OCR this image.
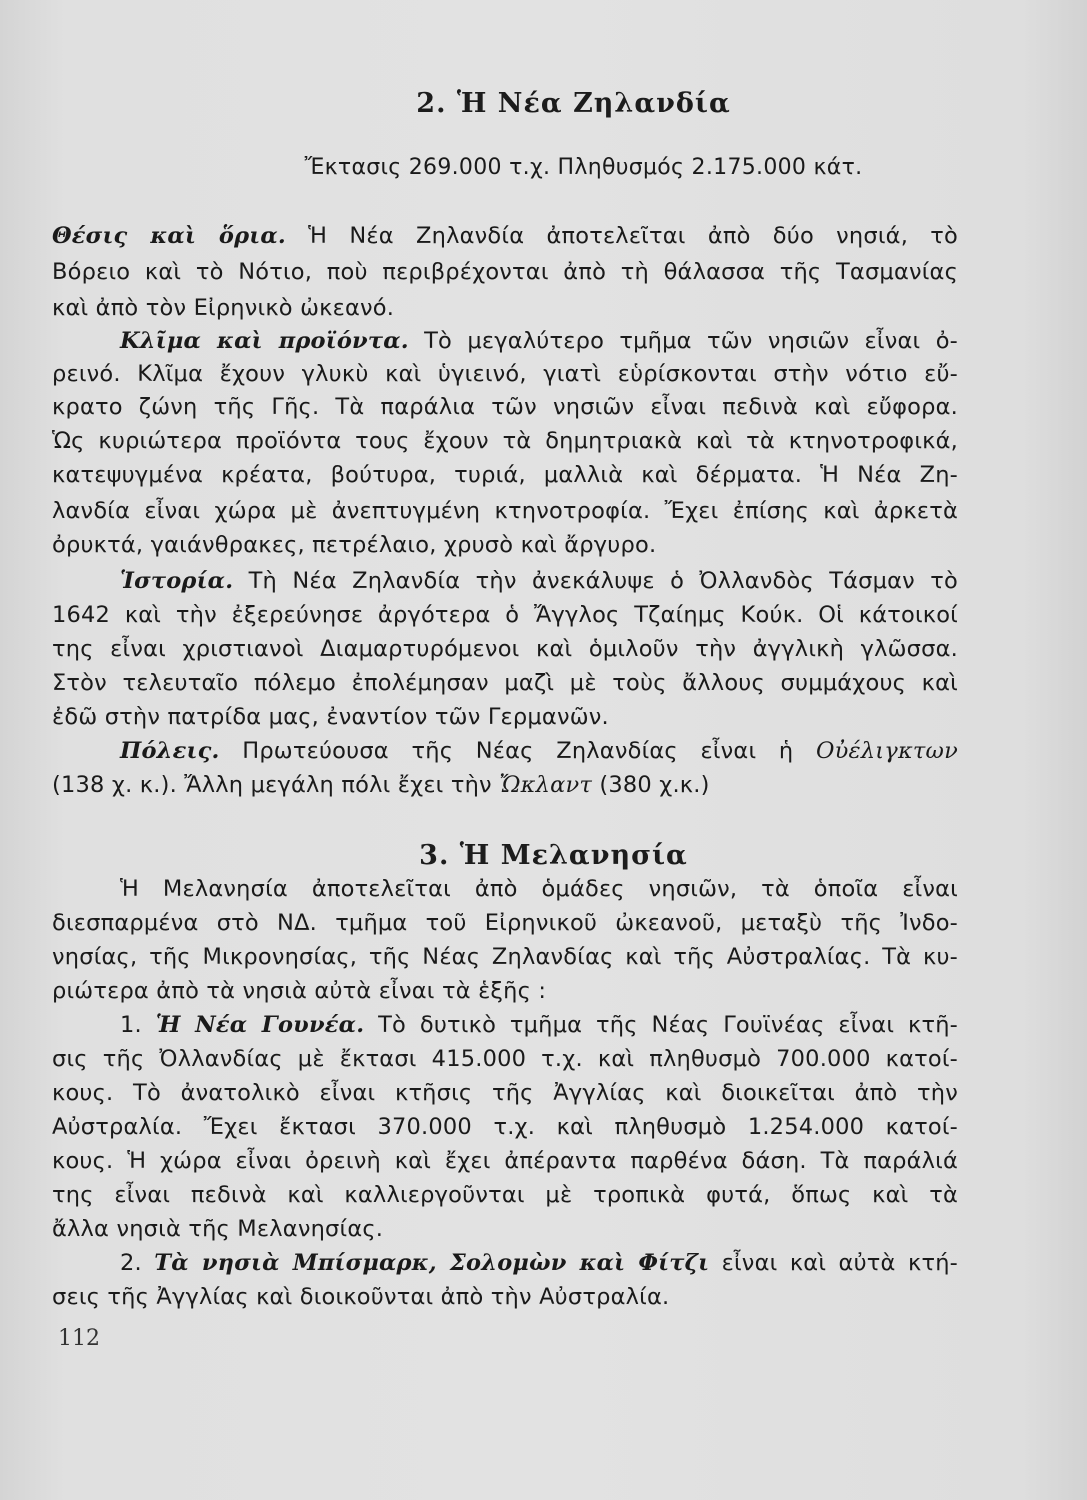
2. Ἡ Νέα Ζηλανδία
Ἔκτασις 269.000 τ.χ. Πληθυσμός 2.175.000 κάτ.
Θέσις καὶ ὅρια. Ἡ Νέα Ζηλανδία ἀποτελεῖται ἀπὸ δύο νησιά, τὸ
Βόρειο καὶ τὸ Νότιο, ποὺ περιβρέχονται ἀπὸ τὴ θάλασσα τῆς Τασμανίας
καὶ ἀπὸ τὸν Εἰρηνικὸ ὠκεανό.
Κλῖμα καὶ προϊόντα. Τὸ μεγαλύτερο τμῆμα τῶν νησιῶν εἶναι ὀ-
ρεινό. Κλῖμα ἔχουν γλυκὺ καὶ ὑγιεινό, γιατὶ εὑρίσκονται στὴν νότιο εὔ-
κρατο ζώνη τῆς Γῆς. Τὰ παράλια τῶν νησιῶν εἶναι πεδινὰ καὶ εὔφορα.
Ὡς κυριώτερα προϊόντα τους ἔχουν τὰ δημητριακὰ καὶ τὰ κτηνοτροφικά,
κατεψυγμένα κρέατα, βούτυρα, τυριά, μαλλιὰ καὶ δέρματα. Ἡ Νέα Ζη-
λανδία εἶναι χώρα μὲ ἀνεπτυγμένη κτηνοτροφία. Ἔχει ἐπίσης καὶ ἀρκετὰ
ὀρυκτά, γαιάνθρακες, πετρέλαιο, χρυσὸ καὶ ἄργυρο.
Ἱστορία. Τὴ Νέα Ζηλανδία τὴν ἀνεκάλυψε ὁ Ὀλλανδὸς Τάσμαν τὸ
1642 καὶ τὴν ἐξερεύνησε ἀργότερα ὁ Ἄγγλος Τζαίημς Κούκ. Οἱ κάτοικοί
της εἶναι χριστιανοὶ Διαμαρτυρόμενοι καὶ ὁμιλοῦν τὴν ἀγγλικὴ γλῶσσα.
Στὸν τελευταῖο πόλεμο ἐπολέμησαν μαζὶ μὲ τοὺς ἄλλους συμμάχους καὶ
ἐδῶ στὴν πατρίδα μας, ἐναντίον τῶν Γερμανῶν.
Πόλεις. Πρωτεύουσα τῆς Νέας Ζηλανδίας εἶναι ἡ Οὐέλιγκτων
(138 χ. κ.). Ἄλλη μεγάλη πόλι ἔχει τὴν Ὤκλαντ (380 χ.κ.)
3. Ἡ Μελανησία
Ἡ Μελανησία ἀποτελεῖται ἀπὸ ὁμάδες νησιῶν, τὰ ὁποῖα εἶναι
διεσπαρμένα στὸ ΝΔ. τμῆμα τοῦ Εἰρηνικοῦ ὠκεανοῦ, μεταξὺ τῆς Ἰνδο-
νησίας, τῆς Μικρονησίας, τῆς Νέας Ζηλανδίας καὶ τῆς Αὐστραλίας. Τὰ κυ-
ριώτερα ἀπὸ τὰ νησιὰ αὐτὰ εἶναι τὰ ἑξῆς :
1. Ἡ Νέα Γουνέα. Τὸ δυτικὸ τμῆμα τῆς Νέας Γουϊνέας εἶναι κτῆ-
σις τῆς Ὀλλανδίας μὲ ἔκτασι 415.000 τ.χ. καὶ πληθυσμὸ 700.000 κατοί-
κους. Τὸ ἀνατολικὸ εἶναι κτῆσις τῆς Ἀγγλίας καὶ διοικεῖται ἀπὸ τὴν
Αὐστραλία. Ἔχει ἔκτασι 370.000 τ.χ. καὶ πληθυσμὸ 1.254.000 κατοί-
κους. Ἡ χώρα εἶναι ὀρεινὴ καὶ ἔχει ἀπέραντα παρθένα δάση. Τὰ παράλιά
της εἶναι πεδινὰ καὶ καλλιεργοῦνται μὲ τροπικὰ φυτά, ὅπως καὶ τὰ
ἄλλα νησιὰ τῆς Μελανησίας.
2. Τὰ νησιὰ Μπίσμαρκ, Σολομὼν καὶ Φίτζι εἶναι καὶ αὐτὰ κτή-
σεις τῆς Ἀγγλίας καὶ διοικοῦνται ἀπὸ τὴν Αὐστραλία.
112
